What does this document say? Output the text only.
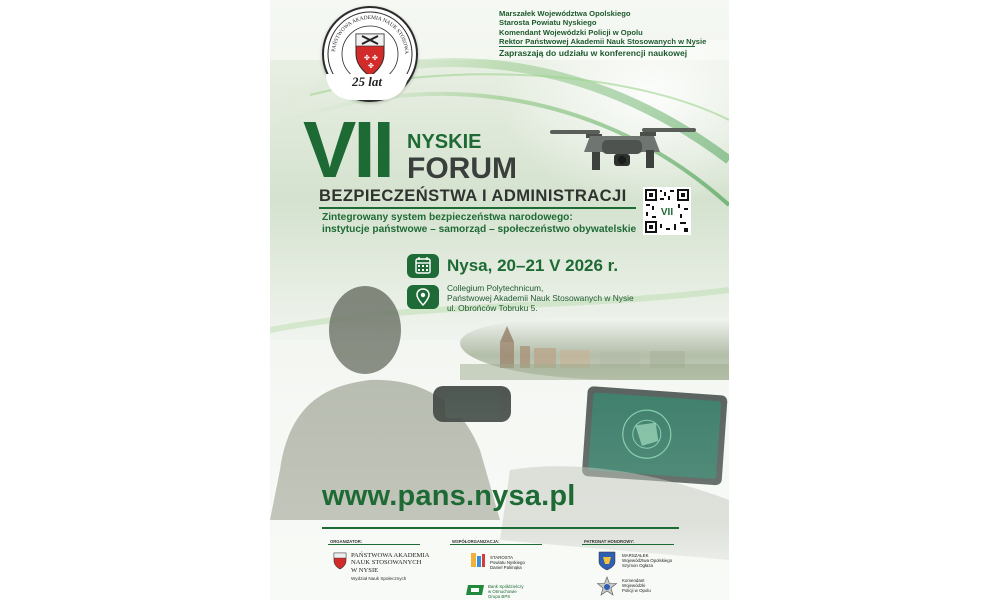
✤ ✤
✤
PAŃSTWOWA AKADEMIA NAUK STOSOWA
25 lat
Marszałek Województwa Opolskiego
Starosta Powiatu Nyskiego
Komendant Wojewódzki Policji w Opolu
Rektor Państwowej Akademii Nauk Stosowanych w Nysie
Zapraszają do udziału w konferencji naukowej
VII NYSKIE
FORUM
BEZPIECZEŃSTWA I ADMINISTRACJI
Zintegrowany system bezpieczeństwa narodowego:
instytucje państwowe – samorząd – społeczeństwo obywatelskie
VII
Nysa, 20–21 V 2026 r.
Collegium Polytechnicum,
Państwowej Akademii Nauk Stosowanych w Nysie
ul. Obrońców Tobruku 5.
www.pans.nysa.pl
ORGANIZATOR:
PAŃSTWOWA AKADEMIA
NAUK STOSOWANYCH
W NYSIE
Wydział Nauk Społecznych
WSPÓŁORGANIZACJA:
STAROSTA
Powiatu Nyskiego
Daniel Palimąka
Bank Spółdzielczy
w Otmuchowie
Grupa BPS
PATRONAT HONOROWY:
MARSZAŁEK
Województwa Opolskiego
Szymon Ogłaza
Komendant
Wojewódzki
Policji w Opolu
